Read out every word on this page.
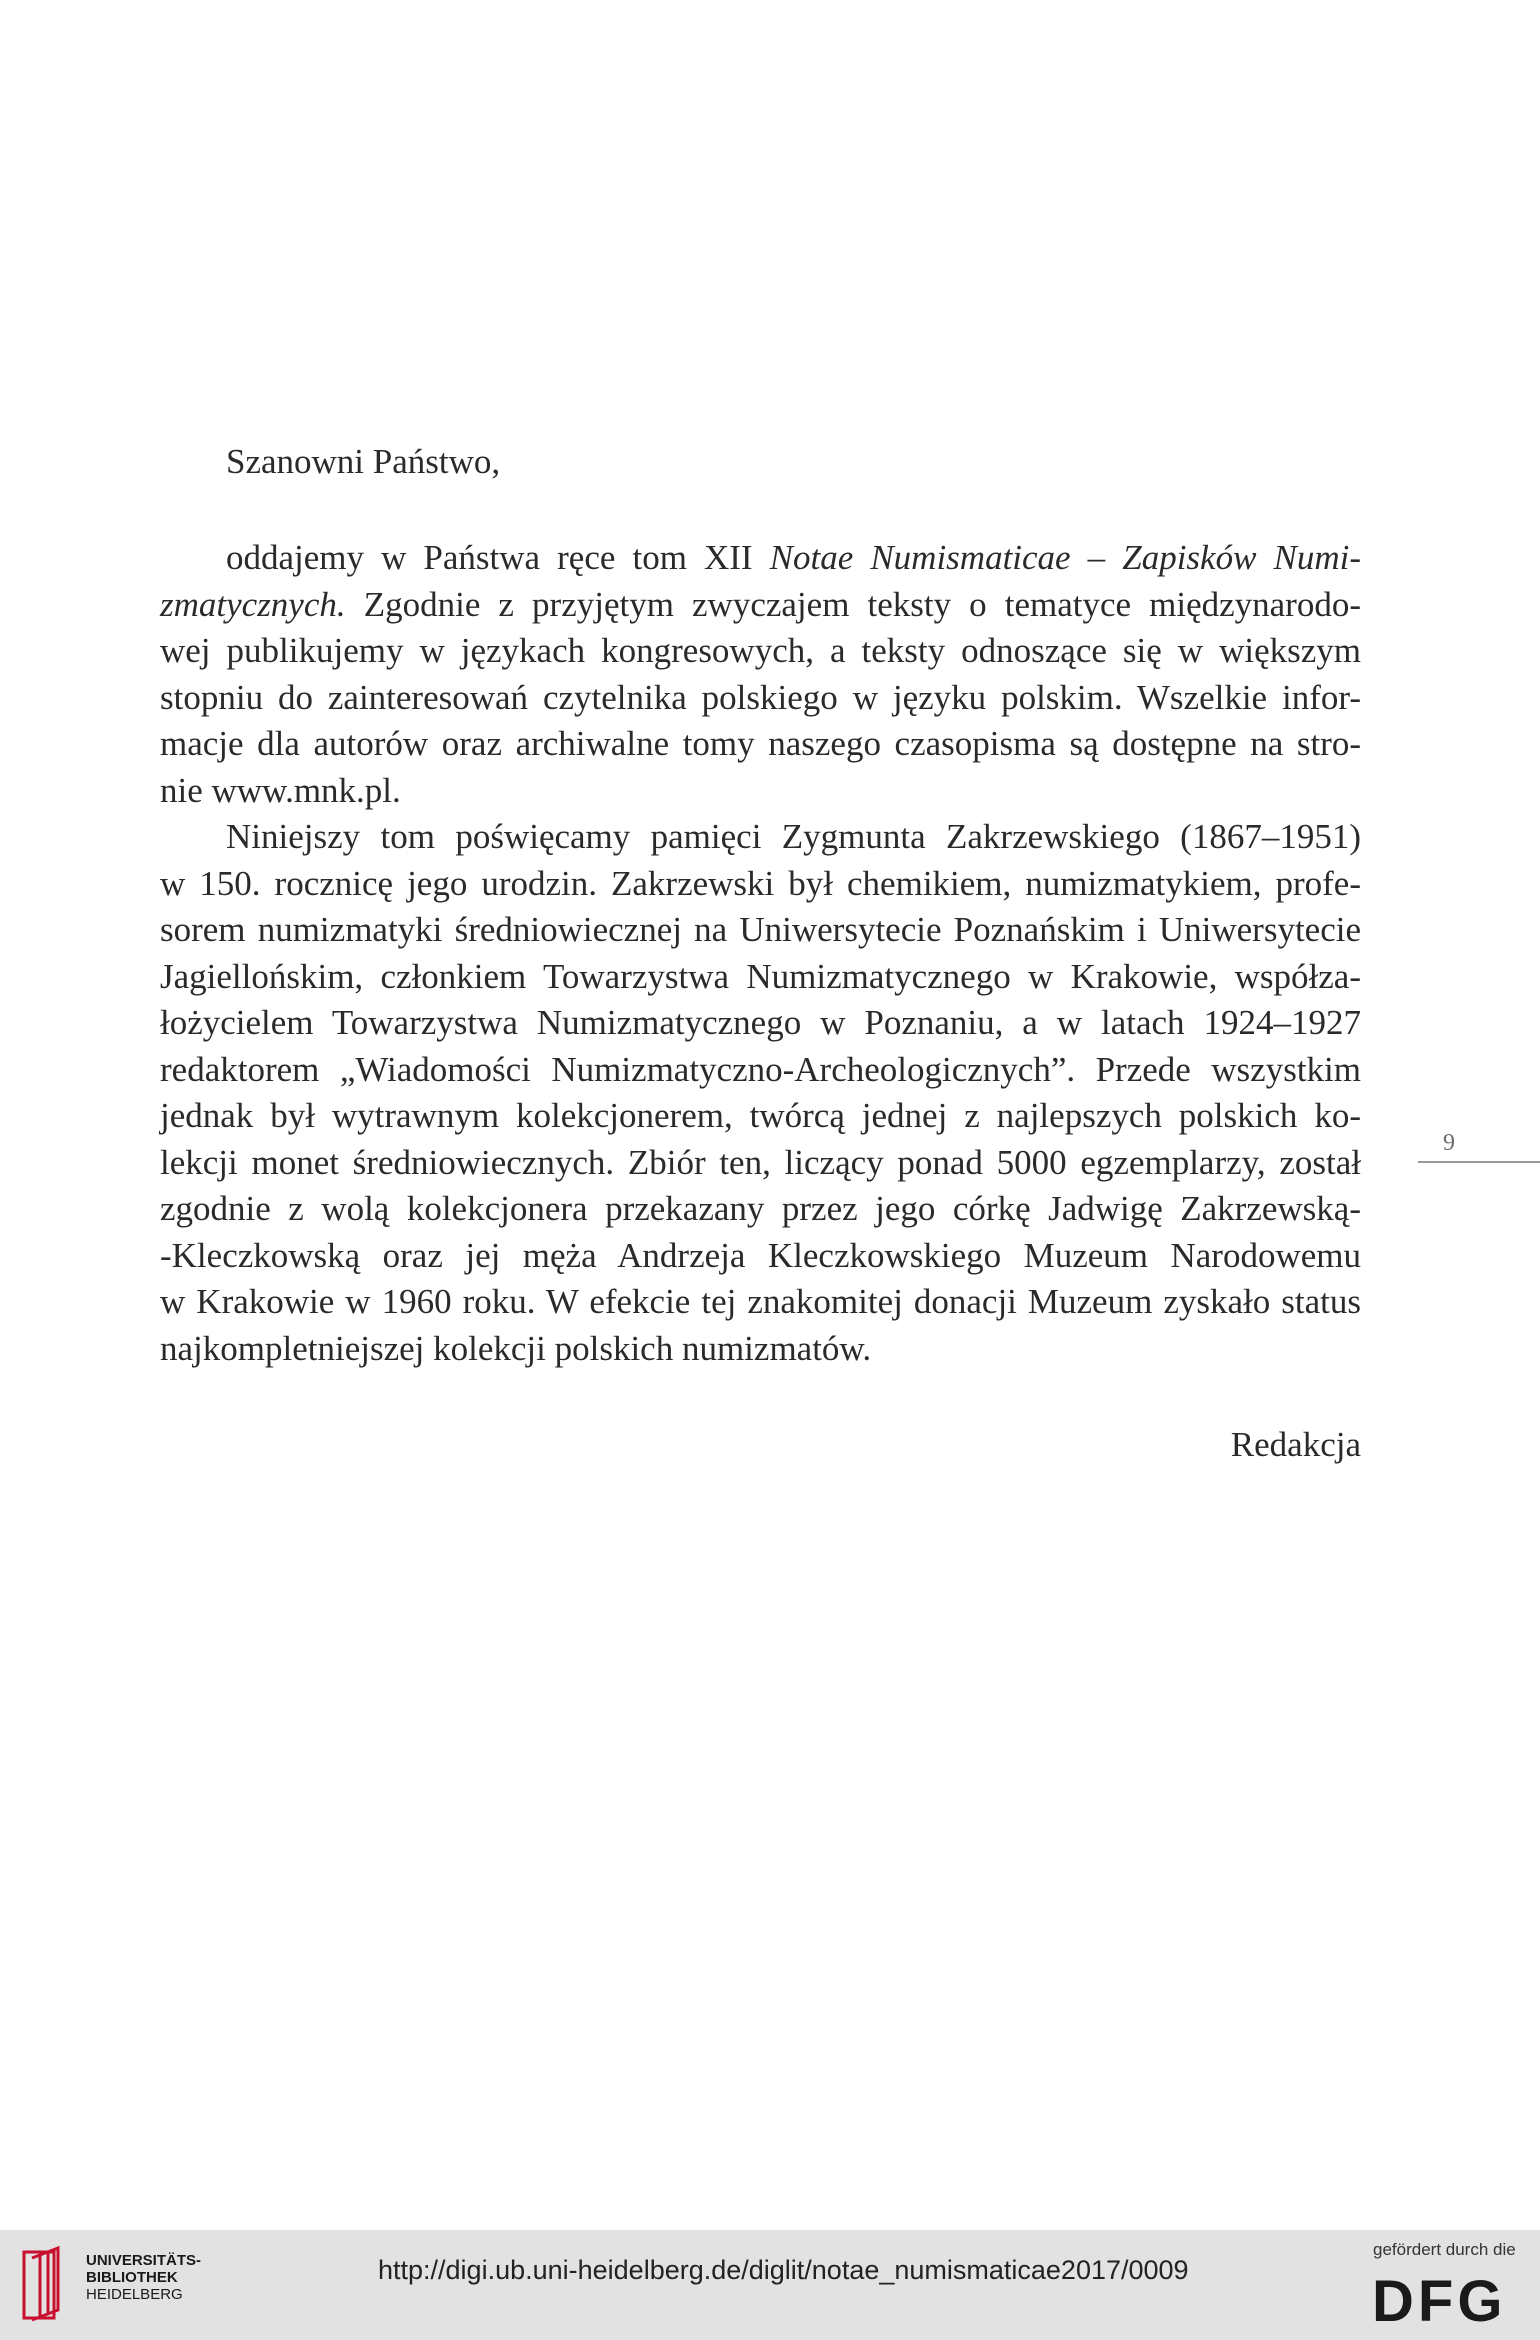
Szanowni Państwo,

oddajemy w Państwa ręce tom XII Notae Numismaticae – Zapisków Numi-
zmatycznych. Zgodnie z przyjętym zwyczajem teksty o tematyce międzynarodo-
wej publikujemy w językach kongresowych, a teksty odnoszące się w większym
stopniu do zainteresowań czytelnika polskiego w języku polskim. Wszelkie infor-
macje dla autorów oraz archiwalne tomy naszego czasopisma są dostępne na stro-
nie www.mnk.pl.
Niniejszy tom poświęcamy pamięci Zygmunta Zakrzewskiego (1867–1951)
w 150. rocznicę jego urodzin. Zakrzewski był chemikiem, numizmatykiem, profe-
sorem numizmatyki średniowiecznej na Uniwersytecie Poznańskim i Uniwersytecie
Jagiellońskim, członkiem Towarzystwa Numizmatycznego w Krakowie, współza-
łożycielem Towarzystwa Numizmatycznego w Poznaniu, a w latach 1924–1927
redaktorem „Wiadomości Numizmatyczno-Archeologicznych”. Przede wszystkim
jednak był wytrawnym kolekcjonerem, twórcą jednej z najlepszych polskich ko-
lekcji monet średniowiecznych. Zbiór ten, liczący ponad 5000 egzemplarzy, został
zgodnie z wolą kolekcjonera przekazany przez jego córkę Jadwigę Zakrzewską-
-Kleczkowską oraz jej męża Andrzeja Kleczkowskiego Muzeum Narodowemu
w Krakowie w 1960 roku. W efekcie tej znakomitej donacji Muzeum zyskało status
najkompletniejszej kolekcji polskich numizmatów.

Redakcja

9
UNIVERSITÄTS-
BIBLIOTHEK
HEIDELBERG
http://digi.ub.uni-heidelberg.de/diglit/notae_numismaticae2017/0009
gefördert durch die
DFG
